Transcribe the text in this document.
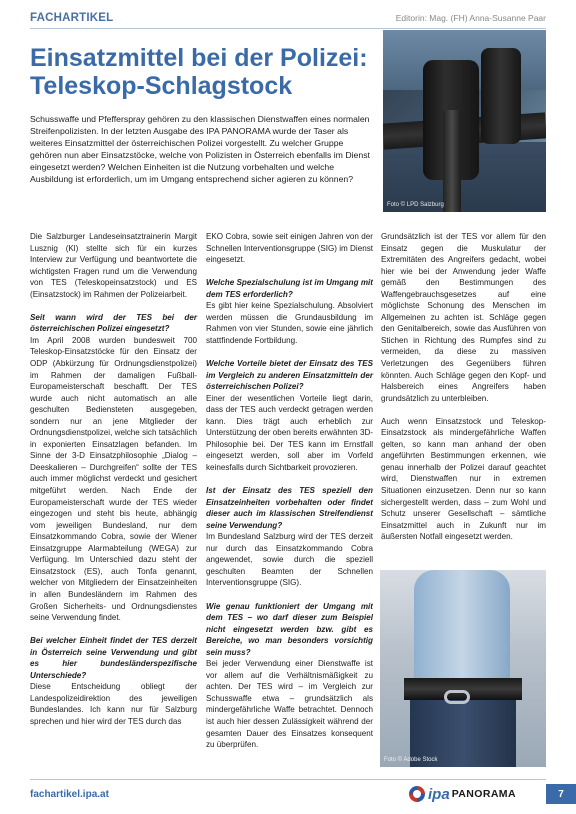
FACHARTIKEL	Editorin: Mag. (FH) Anna-Susanne Paar
Einsatzmittel bei der Polizei:
Teleskop-Schlagstock

Schusswaffe und Pfefferspray gehören zu den klassischen Dienstwaffen eines normalen Streifenpolizisten. In der letzten Ausgabe des IPA PANORAMA wurde der Taser als weiteres Einsatzmittel der österreichischen Polizei vorgestellt. Zu welcher Gruppe gehören nun aber Einsatzstöcke, welche von Polizisten in Österreich ebenfalls im Dienst eingesetzt werden? Welchen Einheiten ist die Nutzung vorbehalten und welche Ausbildung ist erforderlich, um im Umgang entsprechend sicher agieren zu können?

Foto © LPD Salzburg

Die Salzburger Landeseinsatztrainerin Margit Lusznig (Kl) stellte sich für ein kurzes Interview zur Verfügung und beantwortete die wichtigsten Fragen rund um die Verwendung von TES (Teleskopeinsatzstock) und ES (Einsatzstock) im Rahmen der Polizeiarbeit.

Seit wann wird der TES bei der österreichischen Polizei eingesetzt?

Im April 2008 wurden bundesweit 700 Teleskop-Einsatzstöcke für den Einsatz der ODP (Abkürzung für Ordnungsdienstpolizei) im Rahmen der damaligen Fußball-Europameisterschaft beschafft. Der TES wurde auch nicht automatisch an alle geschulten Bediensteten ausgegeben, sondern nur an jene Mitglieder der Ordnungsdienstpolizei, welche sich tatsächlich in exponierten Einsatzlagen befanden. Im Sinne der 3-D Einsatzphilosophie „Dialog – Deeskalieren – Durchgreifen“ sollte der TES auch immer möglichst verdeckt und gesichert mitgeführt werden. Nach Ende der Europameisterschaft wurde der TES wieder eingezogen und steht bis heute, abhängig vom jeweiligen Bundesland, nur dem Einsatzkommando Cobra, sowie der Wiener Einsatzgruppe Alarmabteilung (WEGA) zur Verfügung. Im Unterschied dazu steht der Einsatzstock (ES), auch Tonfa genannt, welcher von Mitgliedern der Einsatzeinheiten in allen Bundesländern im Rahmen des Großen Sicherheits- und Ordnungsdienstes seine Verwendung findet.

Bei welcher Einheit findet der TES derzeit in Österreich seine Verwendung und gibt es hier bundesländerspezifische Unterschiede?

Diese Entscheidung obliegt der Landespolizeidirektion des jeweiligen Bundeslandes. Ich kann nur für Salzburg sprechen und hier wird der TES durch das

EKO Cobra, sowie seit einigen Jahren von der Schnellen Interventionsgruppe (SIG) im Dienst eingesetzt.

Welche Spezialschulung ist im Umgang mit dem TES erforderlich?

Es gibt hier keine Spezialschulung. Absolviert werden müssen die Grundausbildung im Rahmen von vier Stunden, sowie eine jährlich stattfindende Fortbildung.

Welche Vorteile bietet der Einsatz des TES im Vergleich zu anderen Einsatzmitteln der österreichischen Polizei?

Einer der wesentlichen Vorteile liegt darin, dass der TES auch verdeckt getragen werden kann. Dies trägt auch erheblich zur Unterstützung der oben bereits erwähnten 3D-Philosophie bei. Der TES kann im Ernstfall eingesetzt werden, soll aber im Vorfeld keinesfalls durch Sichtbarkeit provozieren.

Ist der Einsatz des TES speziell den Einsatzeinheiten vorbehalten oder findet dieser auch im klassischen Streifendienst seine Verwendung?

Im Bundesland Salzburg wird der TES derzeit nur durch das Einsatzkommando Cobra angewendet, sowie durch die speziell geschulten Beamten der Schnellen Interventionsgruppe (SIG).

Wie genau funktioniert der Umgang mit dem TES – wo darf dieser zum Beispiel nicht eingesetzt werden bzw. gibt es Bereiche, wo man besonders vorsichtig sein muss?

Bei jeder Verwendung einer Dienstwaffe ist vor allem auf die Verhältnismäßigkeit zu achten. Der TES wird – im Vergleich zur Schusswaffe etwa – grundsätzlich als mindergefährliche Waffe betrachtet. Dennoch ist auch hier dessen Zulässigkeit während der gesamten Dauer des Einsatzes konsequent zu überprüfen.

Grundsätzlich ist der TES vor allem für den Einsatz gegen die Muskulatur der Extremitäten des Angreifers gedacht, wobei hier wie bei der Anwendung jeder Waffe gemäß den Bestimmungen des Waffengebrauchsgesetzes auf eine möglichste Schonung des Menschen im Allgemeinen zu achten ist. Schläge gegen den Genitalbereich, sowie das Ausführen von Stichen in Richtung des Rumpfes sind zu vermeiden, da diese zu massiven Verletzungen des Gegenübers führen könnten. Auch Schläge gegen den Kopf- und Halsbereich eines Angreifers haben grundsätzlich zu unterbleiben.

Auch wenn Einsatzstock und Teleskop-Einsatzstock als mindergefährliche Waffen gelten, so kann man anhand der oben angeführten Bestimmungen erkennen, wie genau innerhalb der Polizei darauf geachtet wird, Dienstwaffen nur in extremen Situationen einzusetzen. Denn nur so kann sichergestellt werden, dass – zum Wohl und Schutz unserer Gesellschaft – sämtliche Einsatzmittel auch in Zukunft nur im äußersten Notfall eingesetzt werden.

Foto © Adobe Stock
fachartikel.ipa.at	ipa PANORAMA	7
